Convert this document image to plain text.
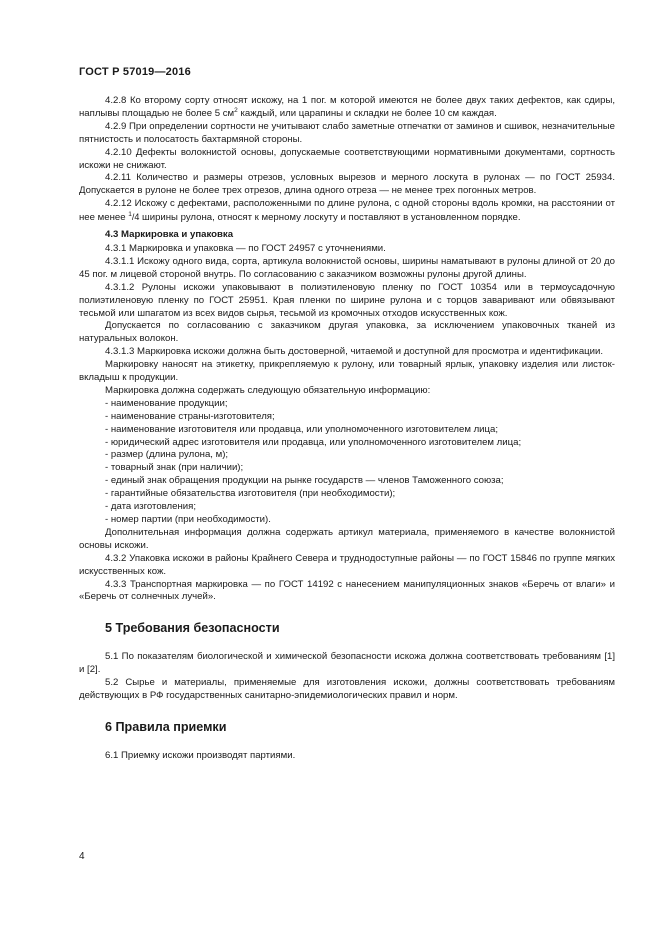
ГОСТ Р 57019—2016

4.2.8 Ко второму сорту относят искожу, на 1 пог. м которой имеются не более двух таких дефектов, как сдиры, наплывы площадью не более 5 $см^2$ каждый, или царапины и складки не более 10 см каждая.

4.2.9 При определении сортности не учитывают слабо заметные отпечатки от заминов и сшивок, незначительные пятнистость и полосатость бахтармяной стороны.

4.2.10 Дефекты волокнистой основы, допускаемые соответствующими нормативными документами, сортность искожи не снижают.

4.2.11 Количество и размеры отрезов, условных вырезов и мерного лоскута в рулонах — по ГОСТ 25934. Допускается в рулоне не более трех отрезов, длина одного отреза — не менее трех погонных метров.

4.2.12 Искожу с дефектами, расположенными по длине рулона, с одной стороны вдоль кромки, на расстоянии от нее менее $^1$/4 ширины рулона, относят к мерному лоскуту и поставляют в установленном порядке.

4.3 Маркировка и упаковка

4.3.1 Маркировка и упаковка — по ГОСТ 24957 с уточнениями.

4.3.1.1 Искожу одного вида, сорта, артикула волокнистой основы, ширины наматывают в рулоны длиной от 20 до 45 пог. м лицевой стороной внутрь. По согласованию с заказчиком возможны рулоны другой длины.

4.3.1.2 Рулоны искожи упаковывают в полиэтиленовую пленку по ГОСТ 10354 или в термоусадочную полиэтиленовую пленку по ГОСТ 25951. Края пленки по ширине рулона и с торцов заваривают или обвязывают тесьмой или шпагатом из всех видов сырья, тесьмой из кромочных отходов искусственных кож.

Допускается по согласованию с заказчиком другая упаковка, за исключением упаковочных тканей из натуральных волокон.

4.3.1.3 Маркировка искожи должна быть достоверной, читаемой и доступной для просмотра и идентификации.

Маркировку наносят на этикетку, прикрепляемую к рулону, или товарный ярлык, упаковку изделия или листок-вкладыш к продукции.

Маркировка должна содержать следующую обязательную информацию:

- наименование продукции;
- наименование страны-изготовителя;
- наименование изготовителя или продавца, или уполномоченного изготовителем лица;
- юридический адрес изготовителя или продавца, или уполномоченного изготовителем лица;
- размер (длина рулона, м);
- товарный знак (при наличии);
- единый знак обращения продукции на рынке государств — членов Таможенного союза;
- гарантийные обязательства изготовителя (при необходимости);
- дата изготовления;
- номер партии (при необходимости).

Дополнительная информация должна содержать артикул материала, применяемого в качестве волокнистой основы искожи.

4.3.2 Упаковка искожи в районы Крайнего Севера и труднодоступные районы — по ГОСТ 15846 по группе мягких искусственных кож.

4.3.3 Транспортная маркировка — по ГОСТ 14192 с нанесением манипуляционных знаков «Беречь от влаги» и «Беречь от солнечных лучей».

5 Требования безопасности

5.1 По показателям биологической и химической безопасности искожа должна соответствовать требованиям [1] и [2].

5.2 Сырье и материалы, применяемые для изготовления искожи, должны соответствовать требованиям действующих в РФ государственных санитарно-эпидемиологических правил и норм.

6 Правила приемки

6.1 Приемку искожи производят партиями.

4
